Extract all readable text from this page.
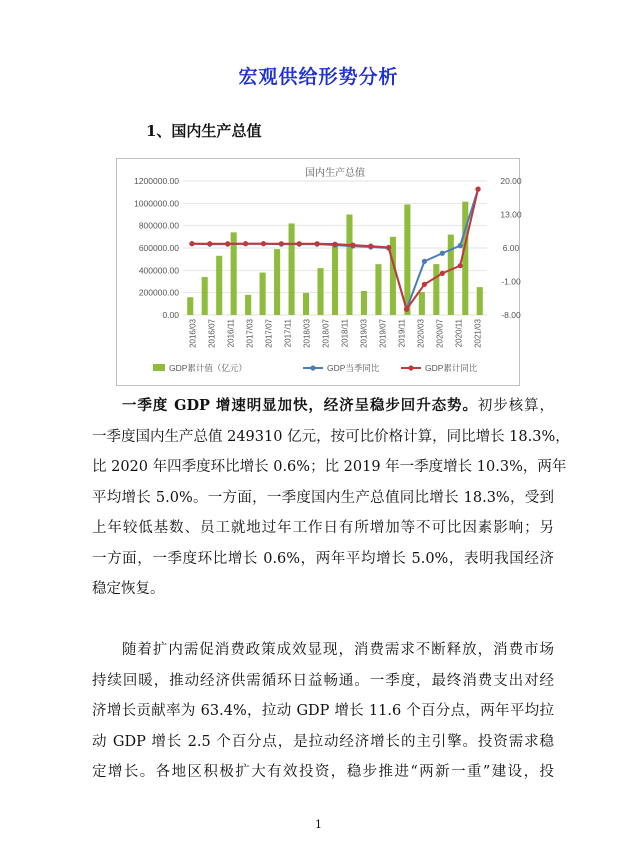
宏观供给形势分析
1、国内生产总值
国内生产总值
0.00
200000.00
400000.00
600000.00
800000.00
1000000.00
1200000.00
-8.00
-1.00
6.00
13.00
20.00
2016/03 2016/07 2016/11 2017/03 2017/07 2017/11 2018/03 2018/07 2018/11 2019/03 2019/07 2019/11 2020/03 2020/07 2020/11 2021/03
GDP累计值（亿元）	GDP当季同比	GDP累计同比
一季度 GDP 增速明显加快，经济呈稳步回升态势。初步核算，
一季度国内生产总值 249310 亿元，按可比价格计算，同比增长 18.3%，
比 2020 年四季度环比增长 0.6%；比 2019 年一季度增长 10.3%，两年
平均增长 5.0%。一方面，一季度国内生产总值同比增长 18.3%，受到
上年较低基数、员工就地过年工作日有所增加等不可比因素影响；另
一方面，一季度环比增长 0.6%，两年平均增长 5.0%，表明我国经济
稳定恢复。
随着扩内需促消费政策成效显现，消费需求不断释放，消费市场
持续回暖，推动经济供需循环日益畅通。一季度，最终消费支出对经
济增长贡献率为 63.4%，拉动 GDP 增长 11.6 个百分点，两年平均拉
动 GDP 增长 2.5 个百分点，是拉动经济增长的主引擎。投资需求稳
定增长。各地区积极扩大有效投资，稳步推进“两新一重”建设，投
1
